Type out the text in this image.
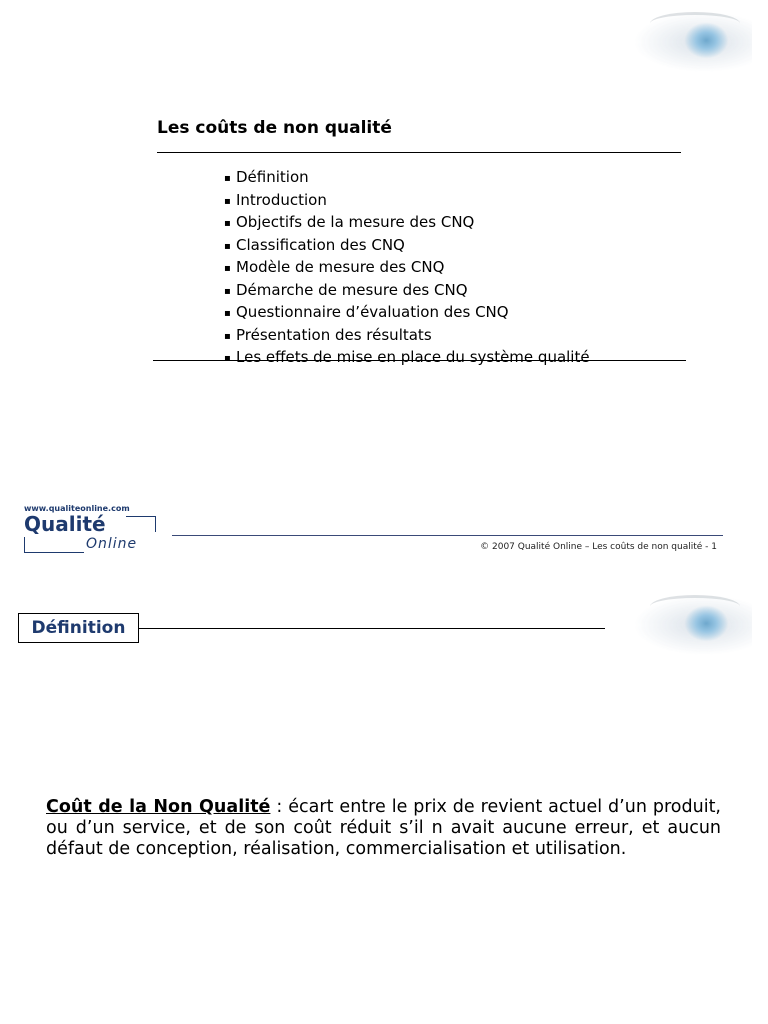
Les coûts de non qualité
▪ Définition
▪ Introduction
▪ Objectifs de la mesure des CNQ
▪ Classification des CNQ
▪ Modèle de mesure des CNQ
▪ Démarche de mesure des CNQ
▪ Questionnaire d’évaluation des CNQ
▪ Présentation des résultats
▪ Les effets de mise en place du système qualité
www.qualiteonline.com
Qualité
Online	© 2007 Qualité Online – Les coûts de non qualité - 1
Définition

Coût de la Non Qualité : écart entre le prix de revient actuel d’un produit, ou d’un service, et de son coût réduit s’il n avait aucune erreur, et aucun défaut de conception, réalisation, commercialisation et utilisation.
